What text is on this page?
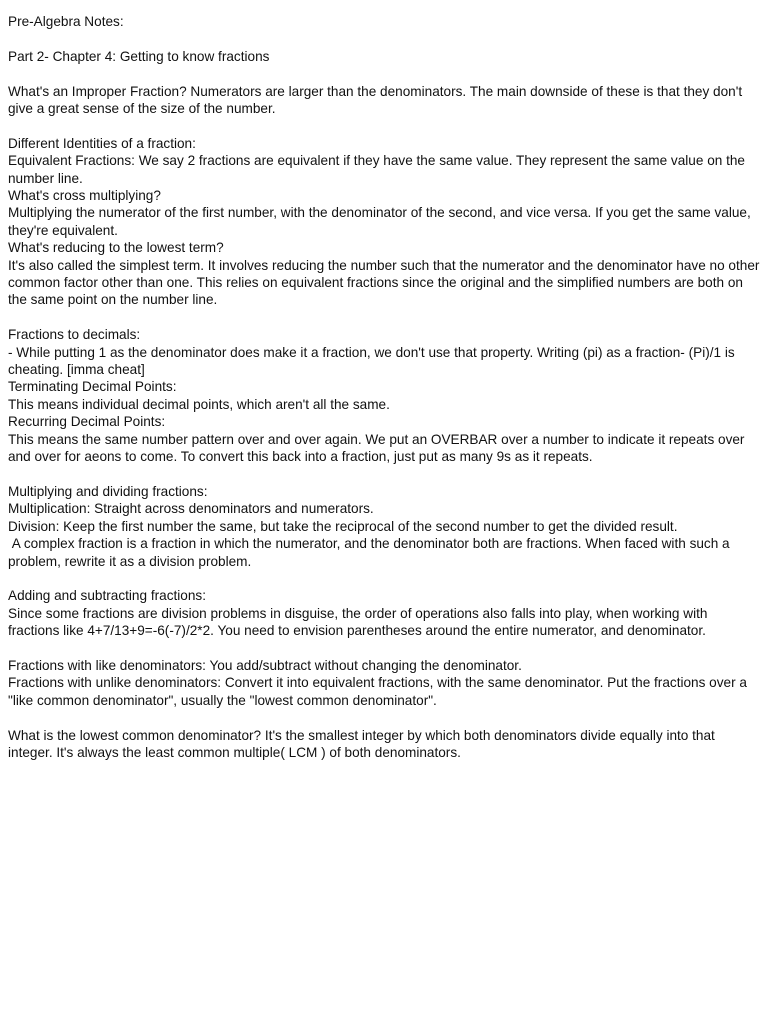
Pre-Algebra Notes:

Part 2- Chapter 4: Getting to know fractions

What's an Improper Fraction? Numerators are larger than the denominators. The main downside of these is that they don't give a great sense of the size of the number.

Different Identities of a fraction:

Equivalent Fractions: We say 2 fractions are equivalent if they have the same value. They represent the same value on the number line.

What's cross multiplying?

Multiplying the numerator of the first number, with the denominator of the second, and vice versa. If you get the same value, they're equivalent.

What's reducing to the lowest term?

It's also called the simplest term. It involves reducing the number such that the numerator and the denominator have no other common factor other than one. This relies on equivalent fractions since the original and the simplified numbers are both on the same point on the number line.

Fractions to decimals:

- While putting 1 as the denominator does make it a fraction, we don't use that property. Writing (pi) as a fraction- (Pi)/1 is cheating. [imma cheat]

Terminating Decimal Points:

This means individual decimal points, which aren't all the same.

Recurring Decimal Points:

This means the same number pattern over and over again. We put an OVERBAR over a number to indicate it repeats over and over for aeons to come. To convert this back into a fraction, just put as many 9s as it repeats.

Multiplying and dividing fractions:

Multiplication: Straight across denominators and numerators.

Division: Keep the first number the same, but take the reciprocal of the second number to get the divided result.

A complex fraction is a fraction in which the numerator, and the denominator both are fractions. When faced with such a problem, rewrite it as a division problem.

Adding and subtracting fractions:

Since some fractions are division problems in disguise, the order of operations also falls into play, when working with fractions like 4+7/13+9=-6(-7)/2*2. You need to envision parentheses around the entire numerator, and denominator.

Fractions with like denominators: You add/subtract without changing the denominator.

Fractions with unlike denominators: Convert it into equivalent fractions, with the same denominator. Put the fractions over a "like common denominator", usually the "lowest common denominator".

What is the lowest common denominator? It's the smallest integer by which both denominators divide equally into that integer. It's always the least common multiple( LCM ) of both denominators.
